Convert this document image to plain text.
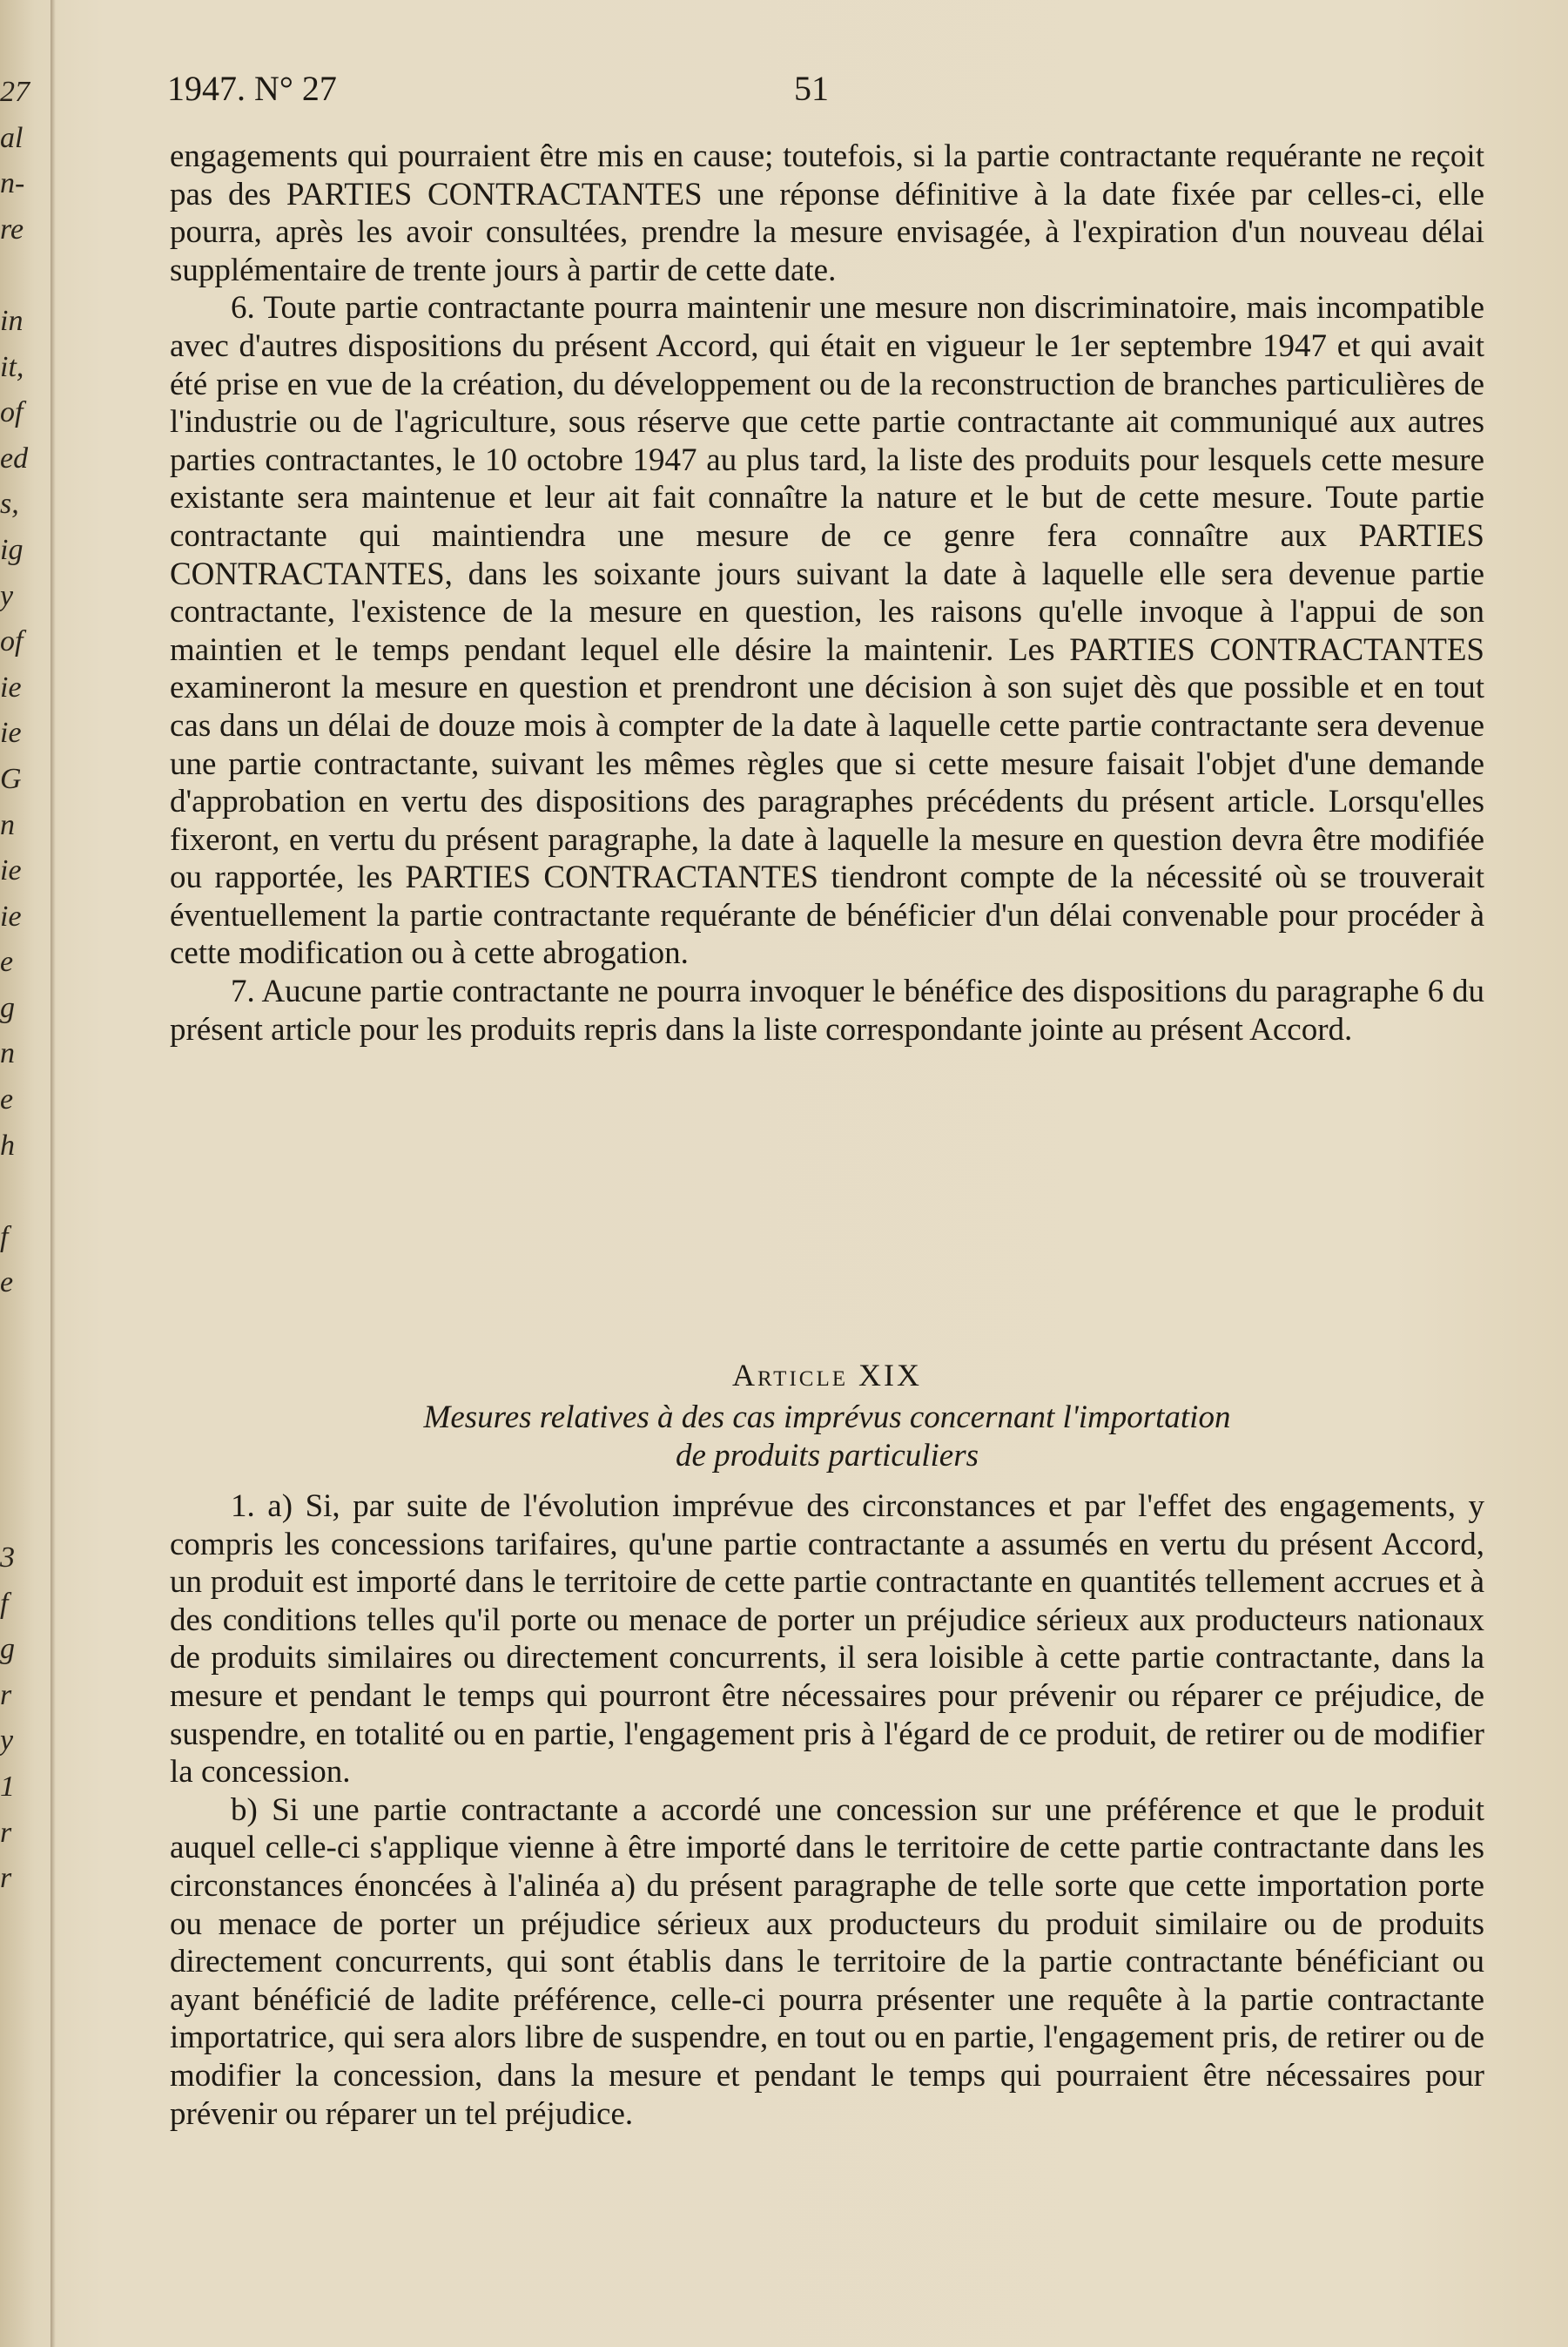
27
al
n-
re
in
it,
of
ed
s,
ig
y
of
ie
ie
G
n
ie
ie
e
g
n
e
h
f
e
3
f
g
r
y
1
r
r
1947. N° 27	51

engagements qui pourraient être mis en cause; toutefois, si la partie contractante requérante ne reçoit pas des PARTIES CONTRACTANTES une réponse définitive à la date fixée par celles-ci, elle pourra, après les avoir consultées, prendre la mesure envisagée, à l'expiration d'un nouveau délai supplémentaire de trente jours à partir de cette date.

6. Toute partie contractante pourra maintenir une mesure non discriminatoire, mais incompatible avec d'autres dispositions du présent Accord, qui était en vigueur le 1er septembre 1947 et qui avait été prise en vue de la création, du développement ou de la reconstruction de branches particulières de l'industrie ou de l'agriculture, sous réserve que cette partie contractante ait communiqué aux autres parties contractantes, le 10 octobre 1947 au plus tard, la liste des produits pour lesquels cette mesure existante sera maintenue et leur ait fait connaître la nature et le but de cette mesure. Toute partie contractante qui maintiendra une mesure de ce genre fera connaître aux PARTIES CONTRACTANTES, dans les soixante jours suivant la date à laquelle elle sera devenue partie contractante, l'existence de la mesure en question, les raisons qu'elle invoque à l'appui de son maintien et le temps pendant lequel elle désire la maintenir. Les PARTIES CONTRACTANTES examineront la mesure en question et prendront une décision à son sujet dès que possible et en tout cas dans un délai de douze mois à compter de la date à laquelle cette partie contractante sera devenue une partie contractante, suivant les mêmes règles que si cette mesure faisait l'objet d'une demande d'approbation en vertu des dispositions des paragraphes précédents du présent article. Lorsqu'elles fixeront, en vertu du présent paragraphe, la date à laquelle la mesure en question devra être modifiée ou rapportée, les PARTIES CONTRACTANTES tiendront compte de la nécessité où se trouverait éventuellement la partie contractante requérante de bénéficier d'un délai convenable pour procéder à cette modification ou à cette abrogation.

7. Aucune partie contractante ne pourra invoquer le bénéfice des dispositions du paragraphe 6 du présent article pour les produits repris dans la liste correspondante jointe au présent Accord.

Article XIX
Mesures relatives à des cas imprévus concernant l'importation
de produits particuliers

1. a) Si, par suite de l'évolution imprévue des circonstances et par l'effet des engagements, y compris les concessions tarifaires, qu'une partie contractante a assumés en vertu du présent Accord, un produit est importé dans le territoire de cette partie contractante en quantités tellement accrues et à des conditions telles qu'il porte ou menace de porter un préjudice sérieux aux producteurs nationaux de produits similaires ou directement concurrents, il sera loisible à cette partie contractante, dans la mesure et pendant le temps qui pourront être nécessaires pour prévenir ou réparer ce préjudice, de suspendre, en totalité ou en partie, l'engagement pris à l'égard de ce produit, de retirer ou de modifier la concession.

b) Si une partie contractante a accordé une concession sur une préférence et que le produit auquel celle-ci s'applique vienne à être importé dans le territoire de cette partie contractante dans les circonstances énoncées à l'alinéa a) du présent paragraphe de telle sorte que cette importation porte ou menace de porter un préjudice sérieux aux producteurs du produit similaire ou de produits directement concurrents, qui sont établis dans le territoire de la partie contractante bénéficiant ou ayant bénéficié de ladite préférence, celle-ci pourra présenter une requête à la partie contractante importatrice, qui sera alors libre de suspendre, en tout ou en partie, l'engagement pris, de retirer ou de modifier la concession, dans la mesure et pendant le temps qui pourraient être nécessaires pour prévenir ou réparer un tel préjudice.
